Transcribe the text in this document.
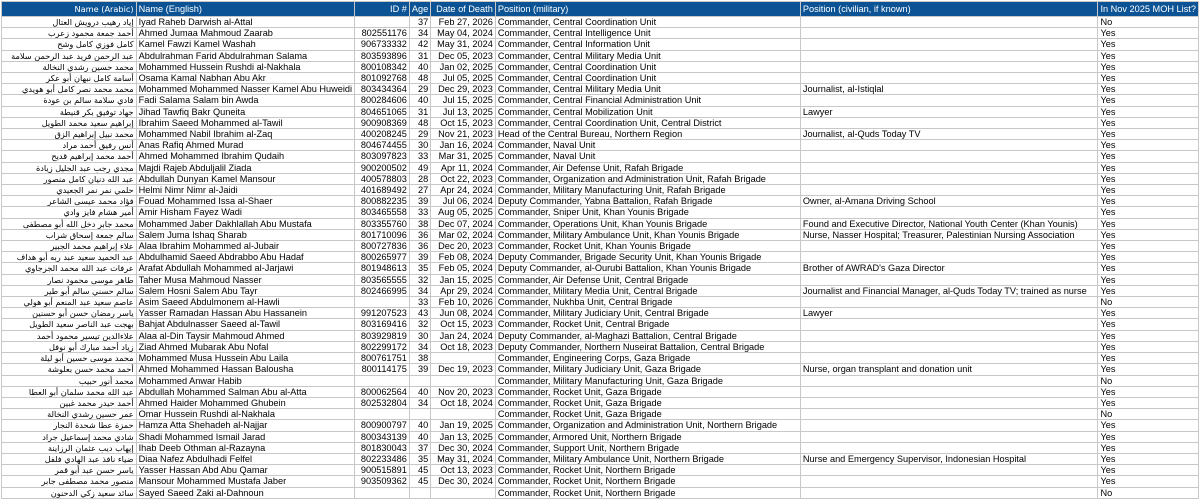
Name (Arabic)	Name (English)	ID #	Age	Date of Death	Position (military)	Position (civilian, if known)	In Nov 2025 MOH List?
إياد رهيب درويش العتال	Iyad Raheb Darwish al-Attal		37	Feb 27, 2026	Commander, Central Coordination Unit		No
أحمد جمعة محمود زعرب	Ahmed Jumaa Mahmoud Zaarab	802551176	34	May 04, 2024	Commander, Central Intelligence Unit		Yes
كامل فوزي كامل وشح	Kamel Fawzi Kamel Washah	906733332	42	May 31, 2024	Commander, Central Information Unit		Yes
عبد الرحمن فريد عبد الرحمن سلامة	Abdulrahman Farid Abdulrahman Salama	803593896	31	Dec 05, 2023	Commander, Central Military Media Unit		Yes
محمد حسين رشدي النخالة	Mohammed Hussein Rushdi al-Nakhala	800108342	40	Jan 02, 2025	Commander, Central Coordination Unit		Yes
أسامة كامل نبهان أبو عكر	Osama Kamal Nabhan Abu Akr	801092768	48	Jul 05, 2025	Commander, Central Coordination Unit		Yes
محمد محمد نصر كامل أبو هويدي	Mohammed Mohammed Nasser Kamel Abu Huweidi	803434364	29	Dec 29, 2023	Commander, Central Military Media Unit	Journalist, al-Istiqlal	Yes
فادي سلامة سالم بن عودة	Fadi Salama Salam bin Awda	800284606	40	Jul 15, 2025	Commander, Central Financial Administration Unit		Yes
جهاد توفيق بكر قنيطة	Jihad Tawfiq Bakr Quneita	804651065	31	Jul 13, 2025	Commander, Central Mobilization Unit	Lawyer	Yes
إبراهيم سعيد محمد الطويل	Ibrahim Saeed Mohammed al-Tawil	900908369	48	Oct 15, 2023	Commander, Central Coordination Unit, Central District		Yes
محمد نبيل إبراهيم الزق	Mohammed Nabil Ibrahim al-Zaq	400208245	29	Nov 21, 2023	Head of the Central Bureau, Northern Region	Journalist, al-Quds Today TV	Yes
أنس رفيق أحمد مراد	Anas Rafiq Ahmed Murad	804674455	30	Jan 16, 2024	Commander, Naval Unit		Yes
أحمد محمد إبراهيم قديح	Ahmed Mohammed Ibrahim Qudaih	803097823	33	Mar 31, 2025	Commander, Naval Unit		Yes
مجدي رجب عبد الجليل زيادة	Majdi Rajeb Abduljalil Ziada	900200502	49	Apr 11, 2024	Commander, Air Defense Unit, Rafah Brigade		Yes
عبد الله دنيان كامل منصور	Abdullah Dunyan Kamel Mansour	400578803	28	Oct 22, 2023	Commander, Organization and Administration Unit, Rafah Brigade		Yes
حلمي نمر نمر الجعيدي	Helmi Nimr Nimr al-Jaidi	401689492	27	Apr 24, 2024	Commander, Military Manufacturing Unit, Rafah Brigade		Yes
فؤاد محمد عيسى الشاعر	Fouad Mohammed Issa al-Shaer	800882235	39	Jul 06, 2024	Deputy Commander, Yabna Battalion, Rafah Brigade	Owner, al-Amana Driving School	Yes
أمير هشام فايز وادي	Amir Hisham Fayez Wadi	803465558	33	Aug 05, 2025	Commander, Sniper Unit, Khan Younis Brigade		Yes
محمد جابر دخل الله أبو مصطفى	Mohammed Jaber Dakhlallah Abu Mustafa	803355760	38	Dec 07, 2024	Commander, Operations Unit, Khan Younis Brigade	Found and Executive Director, National Youth Center (Khan Younis)	Yes
سالم جمعة إسحاق شراب	Salem Juma Ishaq Sharab	801710096	36	Mar 02, 2024	Commander, Military Ambulance Unit, Khan Younis Brigade	Nurse, Nasser Hospital; Treasurer, Palestinian Nursing Association	Yes
علاء إبراهيم محمد الجبير	Alaa Ibrahim Mohammed al-Jubair	800727836	36	Dec 20, 2023	Commander, Rocket Unit, Khan Younis Brigade		Yes
عبد الحميد سعيد عبد ربه أبو هداف	Abdulhamid Saeed Abdrabbo Abu Hadaf	800265977	39	Feb 08, 2024	Deputy Commander, Brigade Security Unit, Khan Younis Brigade		Yes
عرفات عبد الله محمد الجرجاوي	Arafat Abdullah Mohammed al-Jarjawi	801948613	35	Feb 05, 2024	Deputy Commander, al-Ourubi Battalion, Khan Younis Brigade	Brother of AWRAD's Gaza Director	Yes
طاهر موسى محمود نصار	Taher Musa Mahmoud Nasser	803565555	32	Jan 15, 2025	Commander, Air Defense Unit, Central Brigade		Yes
سالم حسني سالم أبو طير	Salem Hosni Salem Abu Tayr	802466995	34	Apr 29, 2024	Commander, Military Media Unit, Central Brigade	Journalist and Financial Manager, al-Quds Today TV; trained as nurse	Yes
عاصم سعيد عبد المنعم أبو هولي	Asim Saeed Abdulmonem al-Hawli		33	Feb 10, 2026	Commander, Nukhba Unit, Central Brigade		No
ياسر رمضان حسن أبو حسنين	Yasser Ramadan Hassan Abu Hassanein	991207523	43	Jun 08, 2024	Commander, Military Judiciary Unit, Central Brigade	Lawyer	Yes
بهجت عبد الناصر سعيد الطويل	Bahjat Abdulnasser Saeed al-Tawil	803169416	32	Oct 15, 2023	Commander, Rocket Unit, Central Brigade		Yes
علاءالدين تيسير محمود أحمد	Alaa al-Din Taysir Mahmoud Ahmed	803929819	30	Jan 24, 2024	Deputy Commander, al-Maghazi Battalion, Central Brigade		Yes
زياد أحمد مبارك أبو نوفل	Ziad Ahmed Mubarak Abu Nofal	802299172	34	Oct 18, 2023	Deputy Commander, Northern Nuseirat Battalion, Central Brigade		Yes
محمد موسى حسين أبو ليلة	Mohammed Musa Hussein Abu Laila	800761751	38		Commander, Engineering Corps, Gaza Brigade		Yes
أحمد محمد حسن بعلوشة	Ahmed Mohammed Hassan Balousha	800114175	39	Dec 19, 2023	Commander, Military Judiciary Unit, Gaza Brigade	Nurse, organ transplant and donation unit	Yes
محمد أنور حبيب	Mohammed Anwar Habib				Commander, Military Manufacturing Unit, Gaza Brigade		No
عبد الله محمد سلمان أبو العطا	Abdullah Mohammed Salman Abu al-Atta	800062564	40	Nov 20, 2023	Commander, Rocket Unit, Gaza Brigade		Yes
أحمد حيدر محمد غبين	Ahmed Haider Mohammed Ghubein	802532804	34	Oct 18, 2024	Commander, Rocket Unit, Gaza Brigade		Yes
عمر حسين رشدي النخالة	Omar Hussein Rushdi al-Nakhala				Commander, Rocket Unit, Gaza Brigade		No
حمزة عطا شحدة النجار	Hamza Atta Shehadeh al-Najjar	800900797	40	Jan 19, 2025	Commander, Organization and Administration Unit, Northern Brigade		Yes
شادي محمد إسماعيل جراد	Shadi Mohammed Ismail Jarad	800343139	40	Jan 13, 2025	Commander, Armored Unit, Northern Brigade		Yes
إيهاب ديب عثمان الرزاينة	Ihab Deeb Othman al-Razayna	801830043	37	Dec 30, 2024	Commander, Support Unit, Northern Brigade		Yes
ضياء نافذ عبد الهادي فلفل	Diaa Nafez Abdulhadi Felfel	802233486	35	May 31, 2024	Commander, Military Ambulance Unit, Northern Brigade	Nurse and Emergency Supervisor, Indonesian Hospital	Yes
ياسر حسن عبد أبو قمر	Yasser Hassan Abd Abu Qamar	900515891	45	Oct 13, 2023	Commander, Rocket Unit, Northern Brigade		Yes
منصور محمد مصطفى جابر	Mansour Mohammed Mustafa Jaber	903509362	45	Dec 30, 2024	Commander, Rocket Unit, Northern Brigade		Yes
سائد سعيد زكي الدحنون	Sayed Saeed Zaki al-Dahnoun				Commander, Rocket Unit, Northern Brigade		No
